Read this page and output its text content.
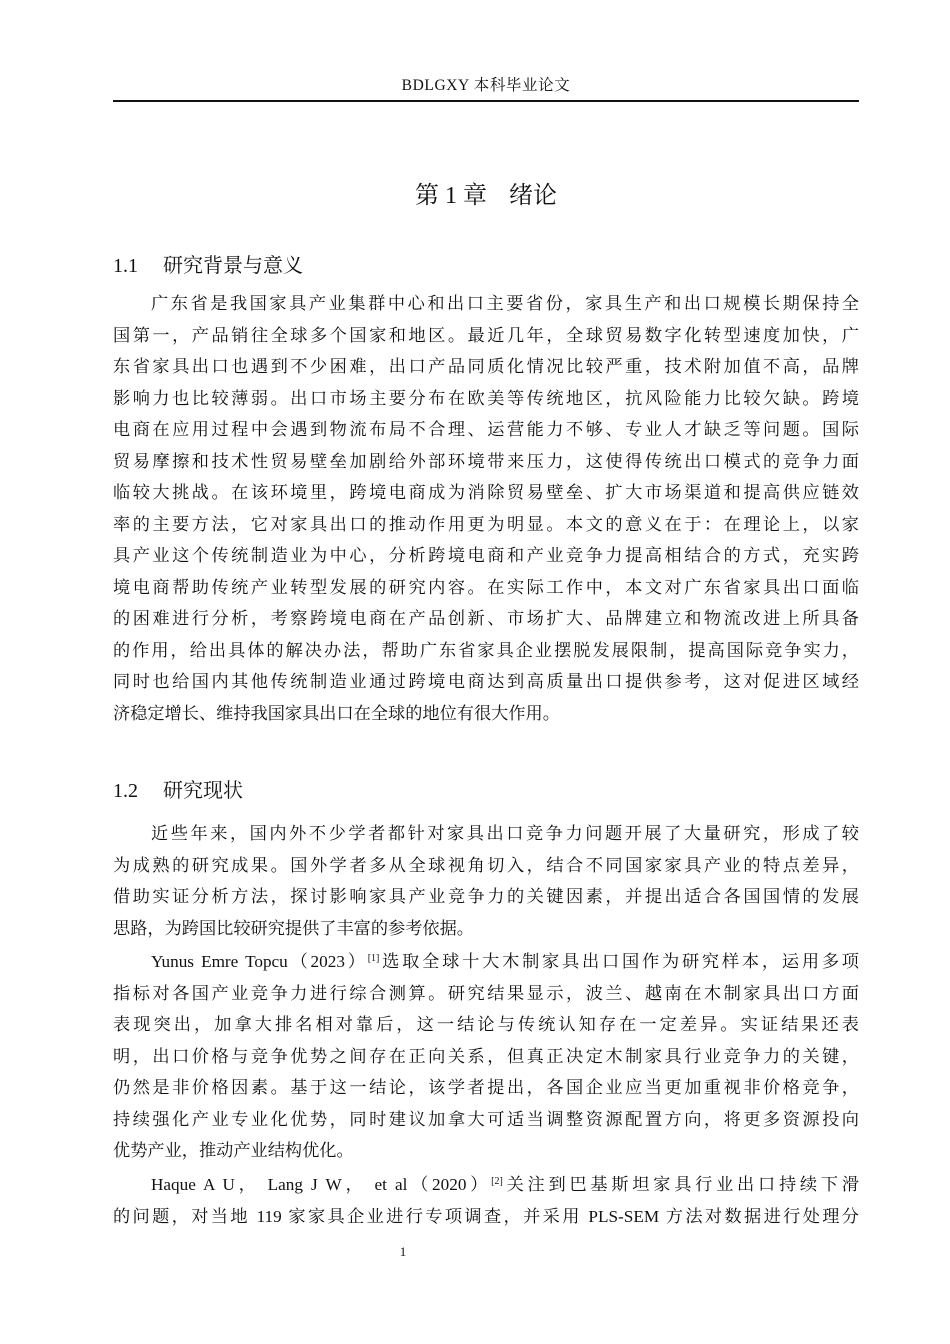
BDLGXY 本科毕业论文
第 1 章 绪论
1.1 研究背景与意义
广东省是我国家具产业集群中心和出口主要省份，家具生产和出口规模长期保持全
国第一，产品销往全球多个国家和地区。最近几年，全球贸易数字化转型速度加快，广
东省家具出口也遇到不少困难，出口产品同质化情况比较严重，技术附加值不高，品牌
影响力也比较薄弱。出口市场主要分布在欧美等传统地区，抗风险能力比较欠缺。跨境
电商在应用过程中会遇到物流布局不合理、运营能力不够、专业人才缺乏等问题。国际
贸易摩擦和技术性贸易壁垒加剧给外部环境带来压力，这使得传统出口模式的竞争力面
临较大挑战。在该环境里，跨境电商成为消除贸易壁垒、扩大市场渠道和提高供应链效
率的主要方法，它对家具出口的推动作用更为明显。本文的意义在于：在理论上，以家
具产业这个传统制造业为中心，分析跨境电商和产业竞争力提高相结合的方式，充实跨
境电商帮助传统产业转型发展的研究内容。在实际工作中，本文对广东省家具出口面临
的困难进行分析，考察跨境电商在产品创新、市场扩大、品牌建立和物流改进上所具备
的作用，给出具体的解决办法，帮助广东省家具企业摆脱发展限制，提高国际竞争实力，
同时也给国内其他传统制造业通过跨境电商达到高质量出口提供参考，这对促进区域经
济稳定增长、维持我国家具出口在全球的地位有很大作用。
1.2 研究现状
近些年来，国内外不少学者都针对家具出口竞争力问题开展了大量研究，形成了较
为成熟的研究成果。国外学者多从全球视角切入，结合不同国家家具产业的特点差异，
借助实证分析方法，探讨影响家具产业竞争力的关键因素，并提出适合各国国情的发展
思路，为跨国比较研究提供了丰富的参考依据。
Yunus Emre Topcu（2023）[1]选取全球十大木制家具出口国作为研究样本，运用多项
指标对各国产业竞争力进行综合测算。研究结果显示，波兰、越南在木制家具出口方面
表现突出，加拿大排名相对靠后，这一结论与传统认知存在一定差异。实证结果还表
明，出口价格与竞争优势之间存在正向关系，但真正决定木制家具行业竞争力的关键，
仍然是非价格因素。基于这一结论，该学者提出，各国企业应当更加重视非价格竞争，
持续强化产业专业化优势，同时建议加拿大可适当调整资源配置方向，将更多资源投向
优势产业，推动产业结构优化。
Haque A U， Lang J W， et al（2020）[2]关注到巴基斯坦家具行业出口持续下滑
的问题，对当地 119 家家具企业进行专项调查，并采用 PLS-SEM 方法对数据进行处理分
1
